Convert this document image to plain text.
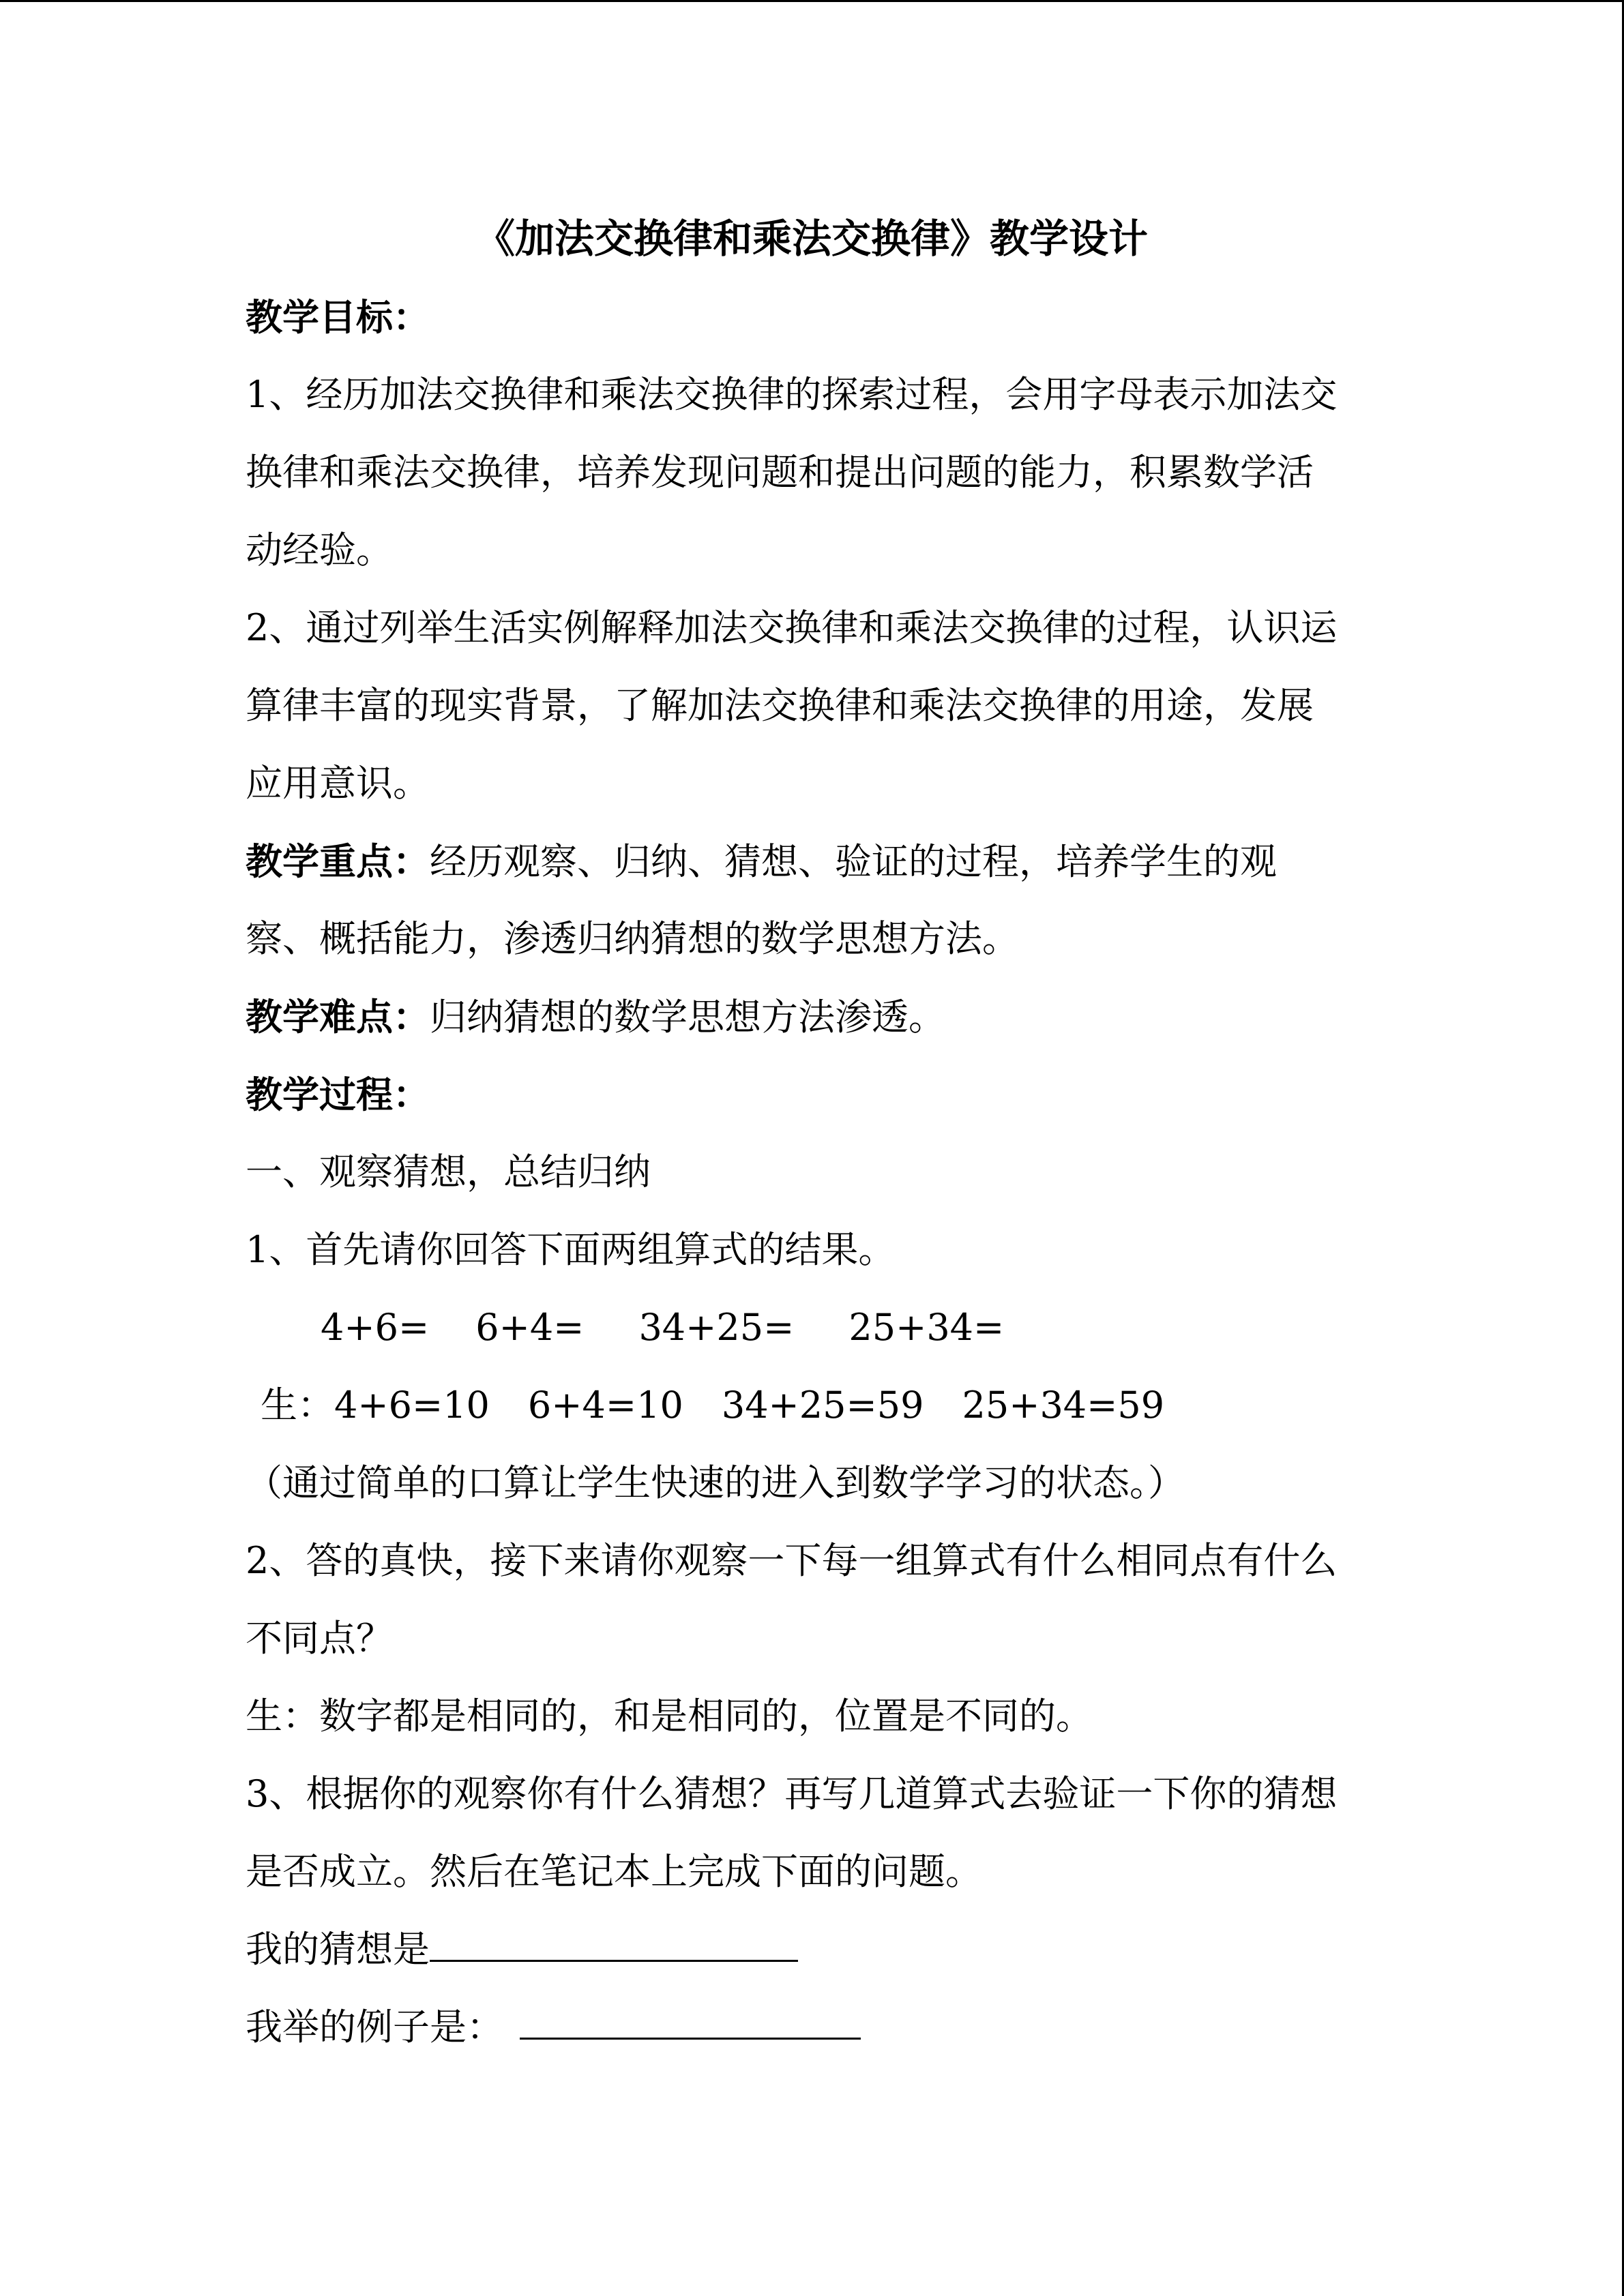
《加法交换律和乘法交换律》教学设计

教学目标：

1、经历加法交换律和乘法交换律的探索过程，会用字母表示加法交

换律和乘法交换律，培养发现问题和提出问题的能力，积累数学活

动经验。

2、通过列举生活实例解释加法交换律和乘法交换律的过程，认识运

算律丰富的现实背景，了解加法交换律和乘法交换律的用途，发展

应用意识。

教学重点：经历观察、归纳、猜想、验证的过程，培养学生的观

察、概括能力，渗透归纳猜想的数学思想方法。

教学难点：归纳猜想的数学思想方法渗透。

教学过程：

一、观察猜想，总结归纳

1、首先请你回答下面两组算式的结果。

4+6= 6+4= 34+25= 25+34=

生：4+6=10 6+4=10 34+25=59 25+34=59

（通过简单的口算让学生快速的进入到数学学习的状态。）

2、答的真快，接下来请你观察一下每一组算式有什么相同点有什么

不同点？

生：数字都是相同的，和是相同的，位置是不同的。

3、根据你的观察你有什么猜想？再写几道算式去验证一下你的猜想

是否成立。然后在笔记本上完成下面的问题。

我的猜想是

我举的例子是：
